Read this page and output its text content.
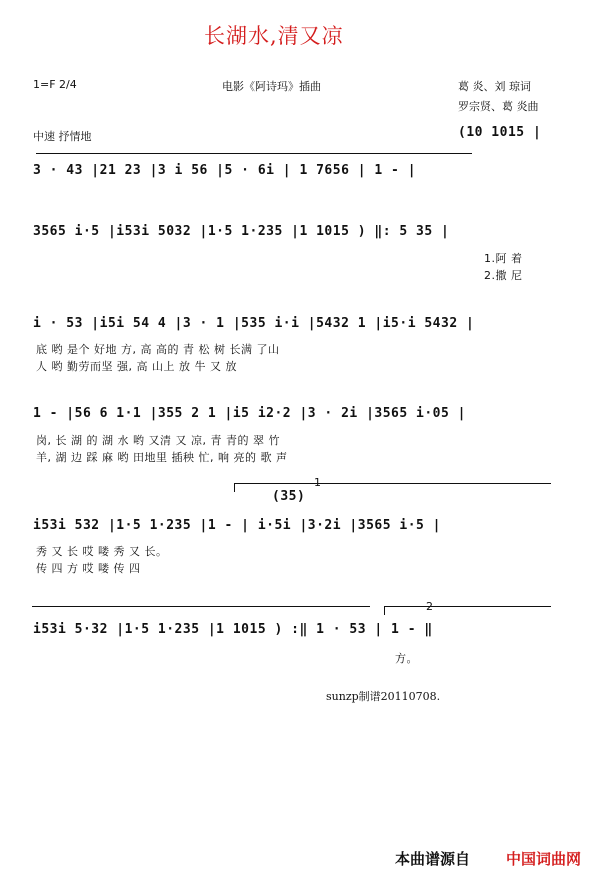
长湖水,清又凉
1=F 2/4	电影《阿诗玛》插曲	葛 炎、刘 琼词
罗宗贤、葛 炎曲
中速 抒情地	(10 1015 |
3 · 43 |21 23 |3 i 56 |5 · 6i | 1 7656 | 1 - |
3565 i·5 |i53i 5032 |1·5 1·235 |1 1015 ) ‖: 5 35 |
1.阿 着
2.撒 尼
i · 53 |i5i 54 4 |3 · 1 |535 i·i |5432 1 |i5·i 5432 |
底 哟 是个 好地 方, 高 高的 青 松 树 长满 了山
人 哟 勤劳而坚 强, 高 山上 放 牛 又 放
1 - |56 6 1·1 |355 2 1 |i5 i2·2 |3 · 2i |3565 i·05 |
岗, 长 湖 的 湖 水 哟 又清 又 凉, 青 青的 翠 竹
羊, 湖 边 踩 麻 哟 田地里 插秧 忙, 响 亮的 歌 声
1
(35)
i53i 532 |1·5 1·235 |1 - | i·5i |3·2i |3565 i·5 |
秀 又 长 哎 喽 秀 又 长。
传 四 方 哎 喽 传 四
2
i53i 5·32 |1·5 1·235 |1 1015 ) :‖ 1 · 53 | 1 - ‖
方。
sunzp制谱20110708.
本曲谱源自 中国词曲网
